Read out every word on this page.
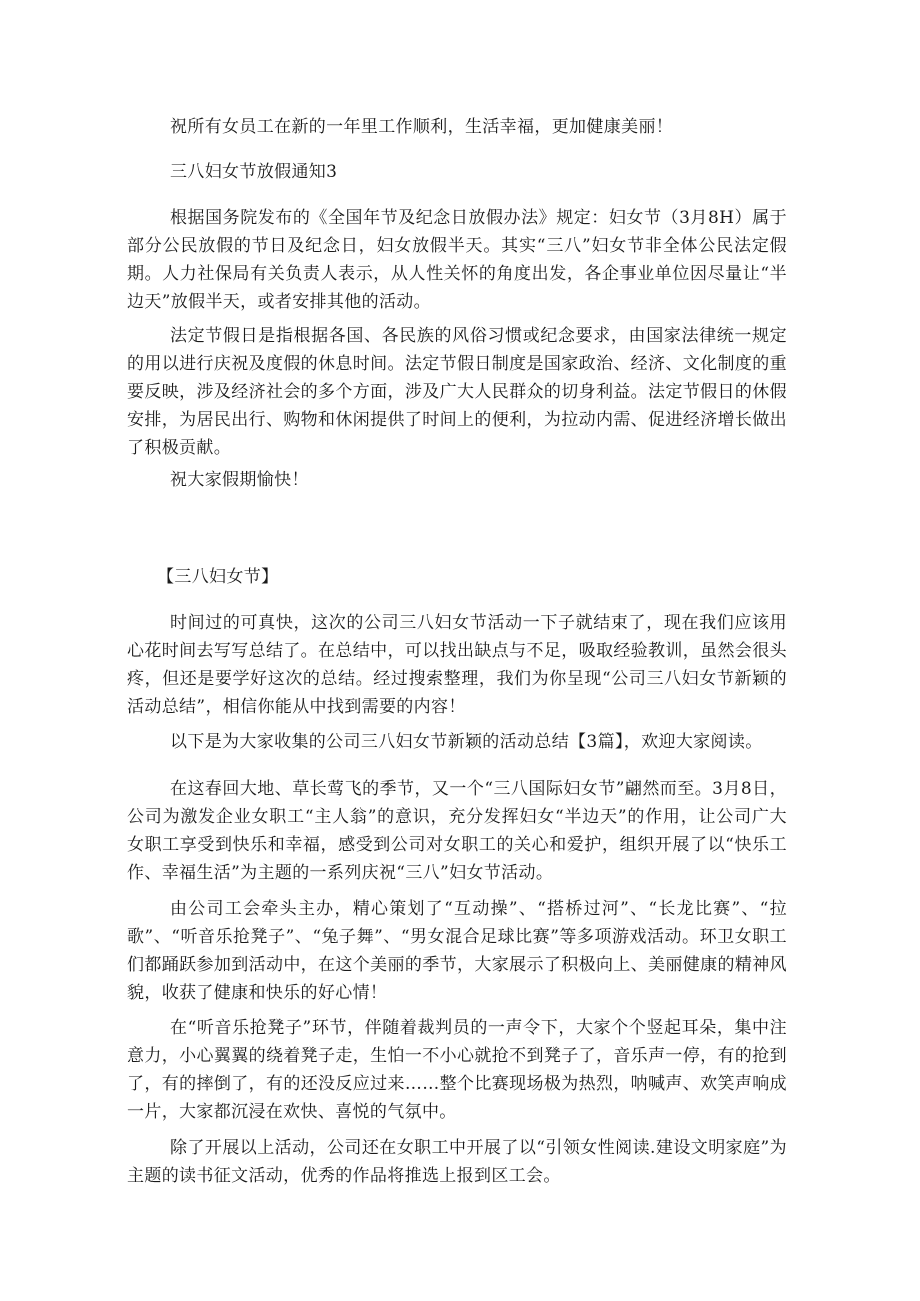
祝所有女员工在新的一年里工作顺利，生活幸福，更加健康美丽！

三八妇女节放假通知3

根据国务院发布的《全国年节及纪念日放假办法》规定：妇女节（3月8H）属于部分公民放假的节日及纪念日，妇女放假半天。其实“三八”妇女节非全体公民法定假期。人力社保局有关负责人表示，从人性关怀的角度出发，各企事业单位因尽量让“半边天”放假半天，或者安排其他的活动。

法定节假日是指根据各国、各民族的风俗习惯或纪念要求，由国家法律统一规定的用以进行庆祝及度假的休息时间。法定节假日制度是国家政治、经济、文化制度的重要反映，涉及经济社会的多个方面，涉及广大人民群众的切身利益。法定节假日的休假安排，为居民出行、购物和休闲提供了时间上的便利，为拉动内需、促进经济增长做出了积极贡献。

祝大家假期愉快！

【三八妇女节】

时间过的可真快，这次的公司三八妇女节活动一下子就结束了，现在我们应该用心花时间去写写总结了。在总结中，可以找出缺点与不足，吸取经验教训，虽然会很头疼，但还是要学好这次的总结。经过搜索整理，我们为你呈现“公司三八妇女节新颖的活动总结”，相信你能从中找到需要的内容！

以下是为大家收集的公司三八妇女节新颖的活动总结【3篇】，欢迎大家阅读。

在这春回大地、草长莺飞的季节，又一个“三八国际妇女节”翩然而至。3月8日，公司为激发企业女职工“主人翁”的意识，充分发挥妇女“半边天”的作用，让公司广大女职工享受到快乐和幸福，感受到公司对女职工的关心和爱护，组织开展了以“快乐工作、幸福生活”为主题的一系列庆祝“三八”妇女节活动。

由公司工会牵头主办，精心策划了“互动操”、“搭桥过河”、“长龙比赛”、“拉歌”、“听音乐抢凳子”、“兔子舞”、“男女混合足球比赛”等多项游戏活动。环卫女职工们都踊跃参加到活动中，在这个美丽的季节，大家展示了积极向上、美丽健康的精神风貌，收获了健康和快乐的好心情！

在“听音乐抢凳子”环节，伴随着裁判员的一声令下，大家个个竖起耳朵，集中注意力，小心翼翼的绕着凳子走，生怕一不小心就抢不到凳子了，音乐声一停，有的抢到了，有的摔倒了，有的还没反应过来……整个比赛现场极为热烈，呐喊声、欢笑声响成一片，大家都沉浸在欢快、喜悦的气氛中。

除了开展以上活动，公司还在女职工中开展了以“引领女性阅读.建设文明家庭”为主题的读书征文活动，优秀的作品将推选上报到区工会。
